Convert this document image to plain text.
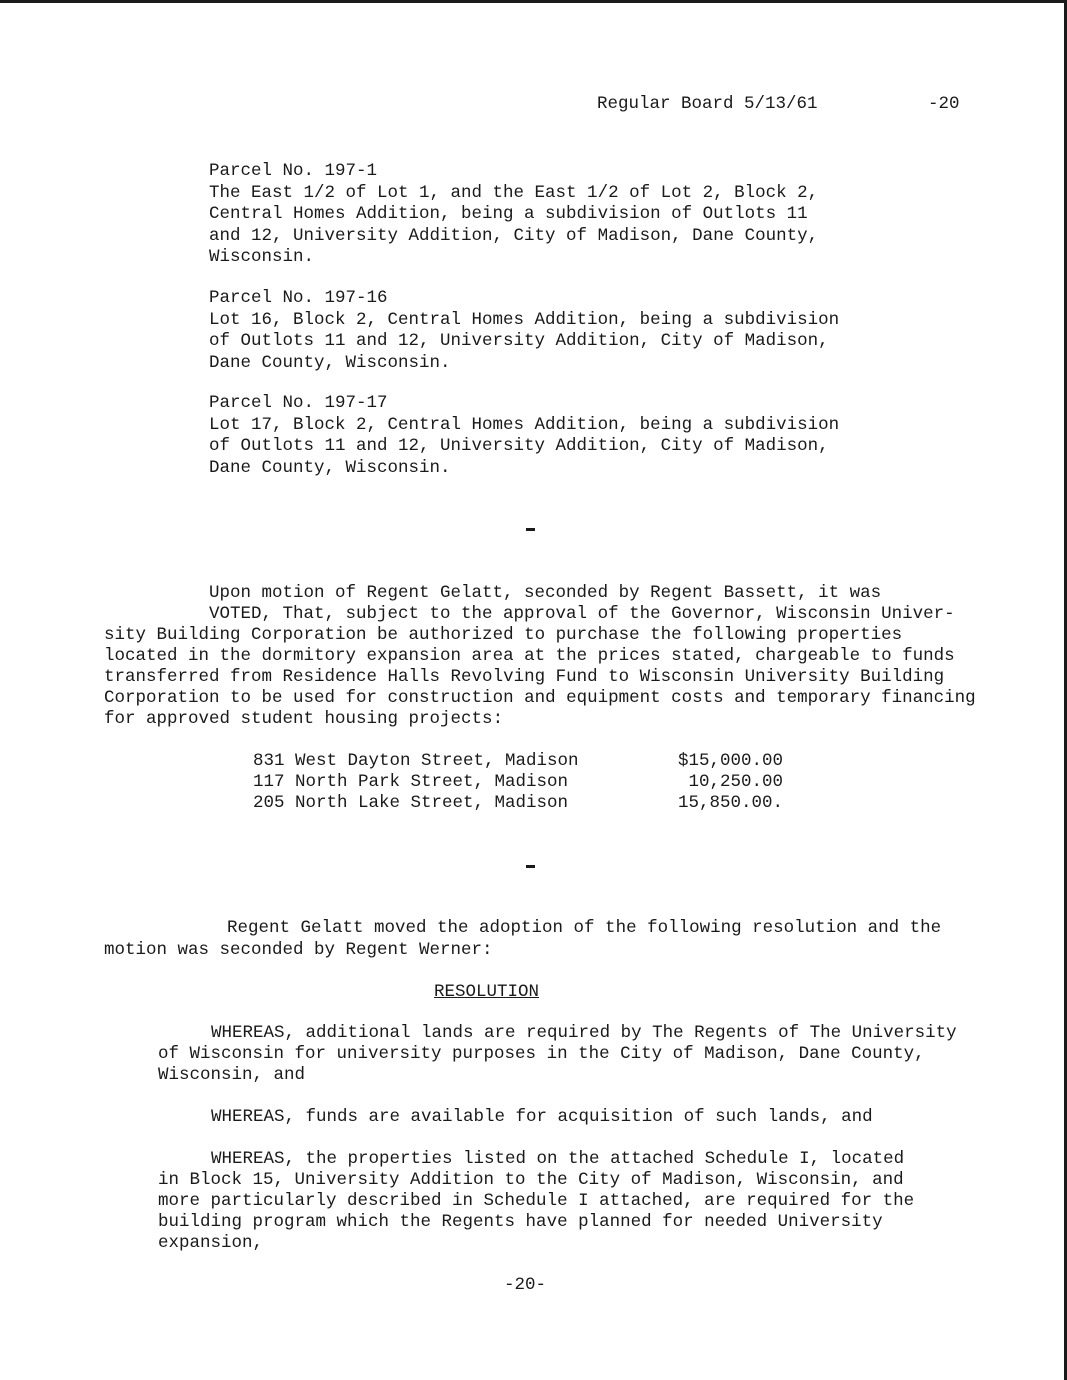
Regular Board 5/13/61	-20
Parcel No. 197-1
The East 1/2 of Lot 1, and the East 1/2 of Lot 2, Block 2,
Central Homes Addition, being a subdivision of Outlots 11
and 12, University Addition, City of Madison, Dane County,
Wisconsin.
Parcel No. 197-16
Lot 16, Block 2, Central Homes Addition, being a subdivision
of Outlots 11 and 12, University Addition, City of Madison,
Dane County, Wisconsin.
Parcel No. 197-17
Lot 17, Block 2, Central Homes Addition, being a subdivision
of Outlots 11 and 12, University Addition, City of Madison,
Dane County, Wisconsin.
Upon motion of Regent Gelatt, seconded by Regent Bassett, it was
VOTED, That, subject to the approval of the Governor, Wisconsin Univer-
sity Building Corporation be authorized to purchase the following properties
located in the dormitory expansion area at the prices stated, chargeable to funds
transferred from Residence Halls Revolving Fund to Wisconsin University Building
Corporation to be used for construction and equipment costs and temporary financing
for approved student housing projects:
831 West Dayton Street, Madison	$15,000.00
117 North Park Street, Madison	10,250.00
205 North Lake Street, Madison	15,850.00.
Regent Gelatt moved the adoption of the following resolution and the
motion was seconded by Regent Werner:
RESOLUTION
WHEREAS, additional lands are required by The Regents of The University
of Wisconsin for university purposes in the City of Madison, Dane County,
Wisconsin, and
WHEREAS, funds are available for acquisition of such lands, and
WHEREAS, the properties listed on the attached Schedule I, located
in Block 15, University Addition to the City of Madison, Wisconsin, and
more particularly described in Schedule I attached, are required for the
building program which the Regents have planned for needed University
expansion,
-20-
